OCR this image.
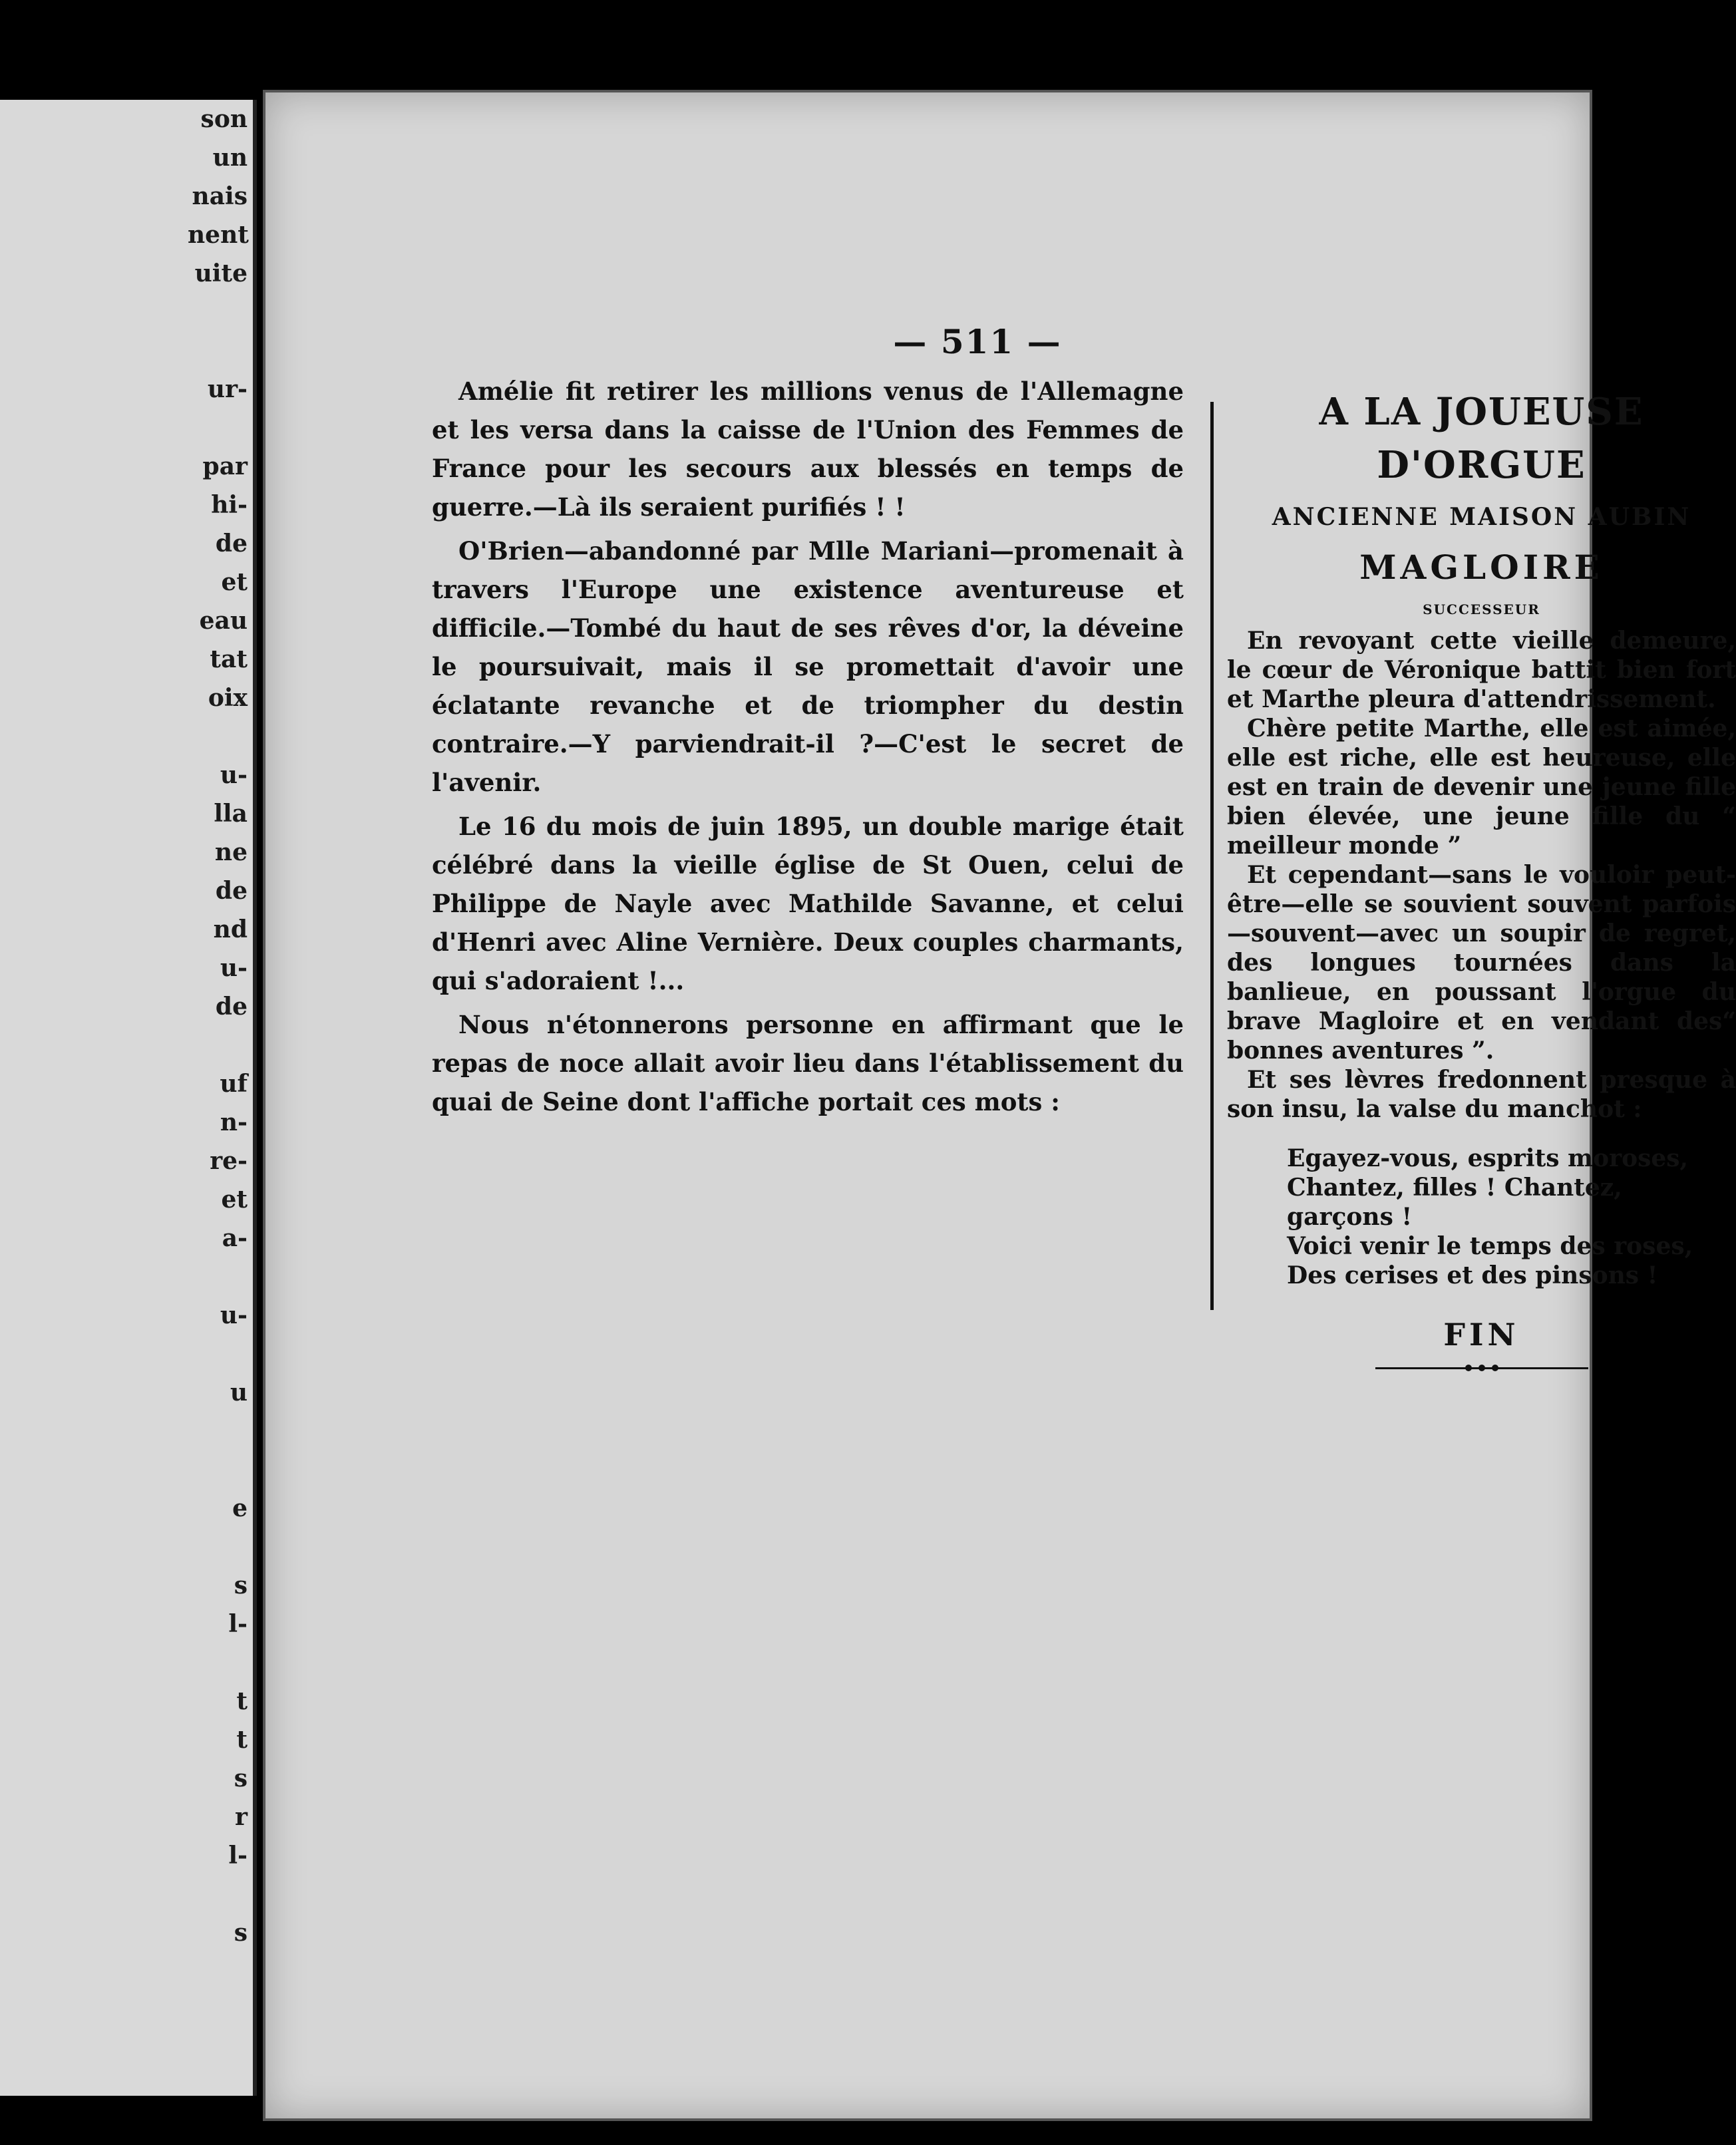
son
un
nais
nent
uite
ur-
par
hi-
de
et
eau
tat
oix
u-
lla
ne
de
nd
u-
de
uf
n-
re-
et
a-
u-
u
e
s
l-
t
t
s
r
l-
s
— 511 —

Amélie fit retirer les millions venus de l'Allemagne et les versa dans la caisse de l'Union des Femmes de France pour les secours aux blessés en temps de guerre.—Là ils seraient purifiés ! !

O'Brien—abandonné par Mlle Mariani—promenait à travers l'Europe une existence aventureuse et difficile.—Tombé du haut de ses rêves d'or, la déveine le poursuivait, mais il se promettait d'avoir une éclatante revanche et de triompher du destin contraire.—Y parviendrait-il ?—C'est le secret de l'avenir.

Le 16 du mois de juin 1895, un double marige était célébré dans la vieille église de St Ouen, celui de Philippe de Nayle avec Mathilde Savanne, et celui d'Henri avec Aline Vernière. Deux couples charmants, qui s'adoraient !...

Nous n'étonnerons personne en affirmant que le repas de noce allait avoir lieu dans l'établissement du quai de Seine dont l'affiche portait ces mots :

A LA JOUEUSE D'ORGUE
ANCIENNE MAISON AUBIN
MAGLOIRE
SUCCESSEUR

En revoyant cette vieille demeure, le cœur de Véronique battit bien fort et Marthe pleura d'attendrissement.

Chère petite Marthe, elle est aimée, elle est riche, elle est heureuse, elle est en train de devenir une jeune fille bien élevée, une jeune fille du “ meilleur monde ”

Et cependant—sans le vouloir peut-être—elle se souvient souvent parfois—souvent—avec un soupir de regret, des longues tournées dans la banlieue, en poussant l'orgue du brave Magloire et en vendant des“ bonnes aventures ”.

Et ses lèvres fredonnent presque à son insu, la valse du manchot :

Egayez-vous, esprits moroses,
Chantez, filles ! Chantez, garçons !
Voici venir le temps des roses,
Des cerises et des pinsons !
FIN
